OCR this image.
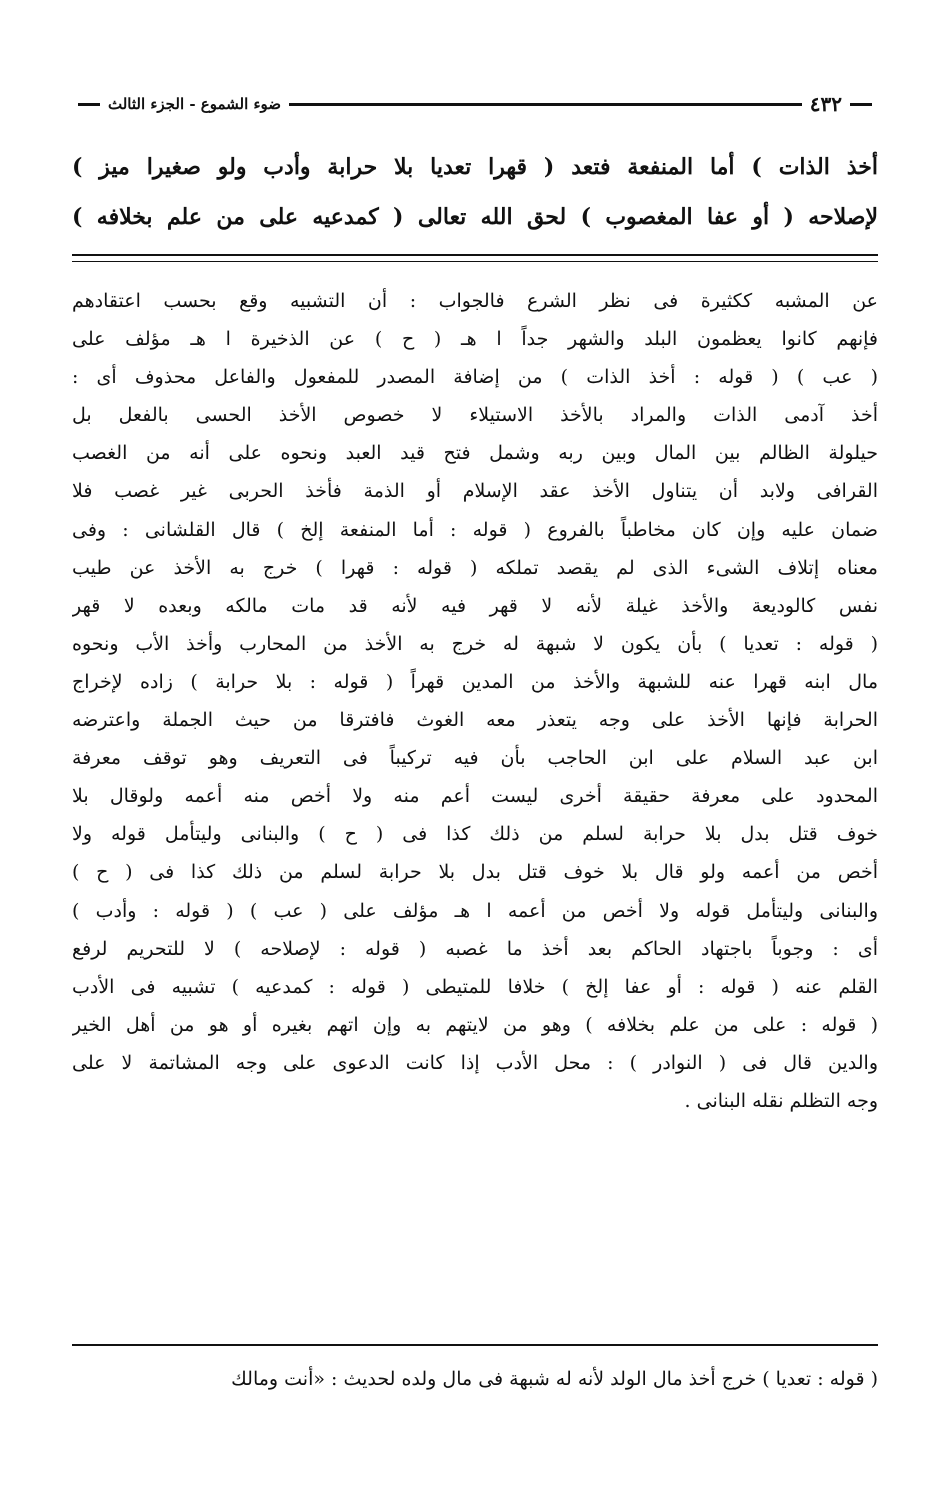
٤٣٢
ضوء الشموع - الجزء الثالث
أخذ الذات ) أما المنفعة فتعد ( قهرا تعديا بلا حرابة وأدب ولو صغيرا ميز )
لإصلاحه ( أو عفا المغصوب ) لحق الله تعالى ( كمدعيه على من علم بخلافه )
عن المشبه ككثيرة فى نظر الشرع فالجواب : أن التشبيه وقع بحسب اعتقادهم
فإنهم كانوا يعظمون البلد والشهر جداً ا هـ ( ح ) عن الذخيرة ا هـ مؤلف على
( عب ) ( قوله : أخذ الذات ) من إضافة المصدر للمفعول والفاعل محذوف أى :
أخذ آدمى الذات والمراد بالأخذ الاستيلاء لا خصوص الأخذ الحسى بالفعل بل
حيلولة الظالم بين المال وبين ربه وشمل فتح قيد العبد ونحوه على أنه من الغصب
القرافى ولابد أن يتناول الأخذ عقد الإسلام أو الذمة فأخذ الحربى غير غصب فلا
ضمان عليه وإن كان مخاطباً بالفروع ( قوله : أما المنفعة إلخ ) قال القلشانى : وفى
معناه إتلاف الشىء الذى لم يقصد تملكه ( قوله : قهرا ) خرج به الأخذ عن طيب
نفس كالوديعة والأخذ غيلة لأنه لا قهر فيه لأنه قد مات مالكه وبعده لا قهر
( قوله : تعديا ) بأن يكون لا شبهة له خرج به الأخذ من المحارب وأخذ الأب ونحوه
مال ابنه قهرا عنه للشبهة والأخذ من المدين قهراً ( قوله : بلا حرابة ) زاده لإخراج
الحرابة فإنها الأخذ على وجه يتعذر معه الغوث فافترقا من حيث الجملة واعترضه
ابن عبد السلام على ابن الحاجب بأن فيه تركيباً فى التعريف وهو توقف معرفة
المحدود على معرفة حقيقة أخرى ليست أعم منه ولا أخص منه أعمه ولوقال بلا
خوف قتل بدل بلا حرابة لسلم من ذلك كذا فى ( ح ) والبنانى وليتأمل قوله ولا
أخص من أعمه ولو قال بلا خوف قتل بدل بلا حرابة لسلم من ذلك كذا فى ( ح )
والبنانى وليتأمل قوله ولا أخص من أعمه ا هـ مؤلف على ( عب ) ( قوله : وأدب )
أى : وجوباً باجتهاد الحاكم بعد أخذ ما غصبه ( قوله : لإصلاحه ) لا للتحريم لرفع
القلم عنه ( قوله : أو عفا إلخ ) خلافا للمتيطى ( قوله : كمدعيه ) تشبيه فى الأدب
( قوله : على من علم بخلافه ) وهو من لايتهم به وإن اتهم بغيره أو هو من أهل الخير
والدين قال فى ( النوادر ) : محل الأدب إذا كانت الدعوى على وجه المشاتمة لا على
وجه التظلم نقله البنانى .
( قوله : تعديا ) خرج أخذ مال الولد لأنه له شبهة فى مال ولده لحديث : «أنت ومالك
